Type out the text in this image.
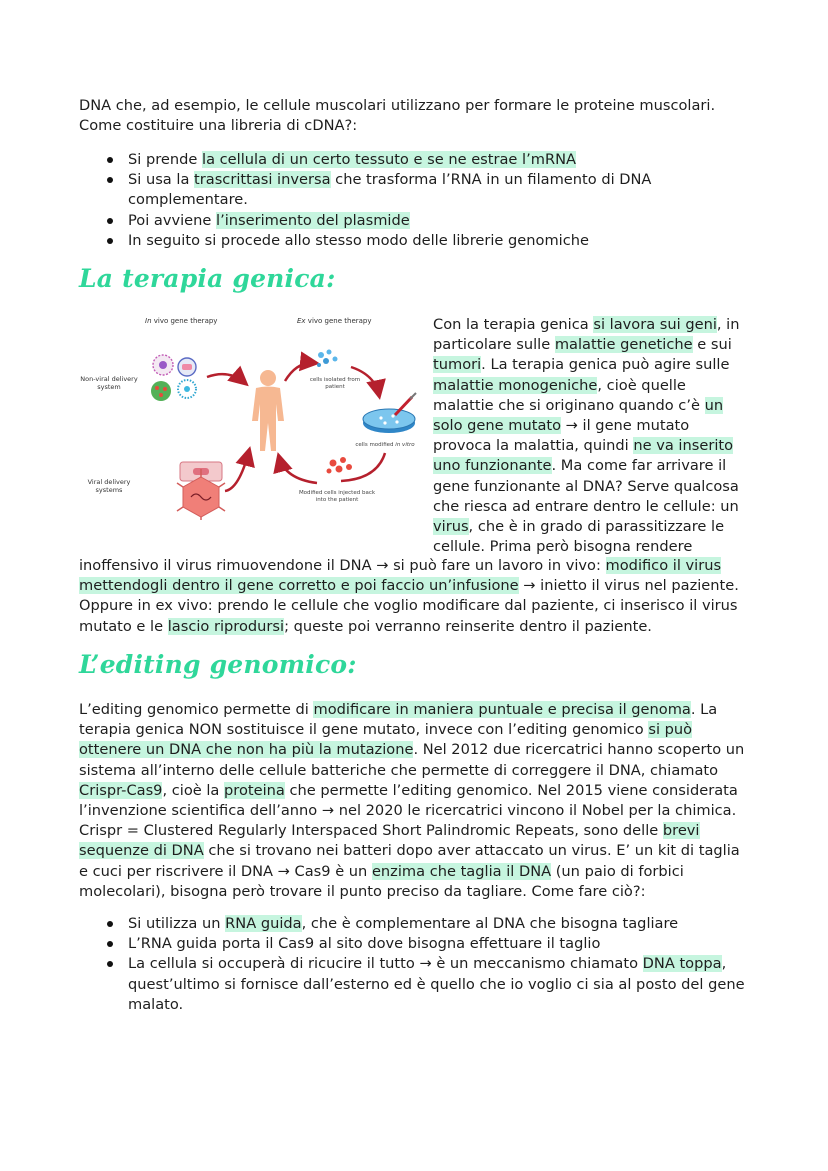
DNA che, ad esempio, le cellule muscolari utilizzano per formare le proteine muscolari.
Come costituire una libreria di cDNA?:

Si prende la cellula di un certo tessuto e se ne estrae l’mRNA
Si usa la trascrittasi inversa che trasforma l’RNA in un filamento di DNA complementare.
Poi avviene l’inserimento del plasmide
In seguito si procede allo stesso modo delle librerie genomiche
La terapia genica:
In vivo gene therapy	Ex vivo gene therapy
Non-viral delivery
system
cells isolated from
patient
cells modified in vitro
Modified cells injected back
into the patient
Viral delivery
systems

Con la terapia genica si lavora sui geni, in particolare sulle malattie genetiche e sui tumori. La terapia genica può agire sulle malattie monogeniche, cioè quelle malattie che si originano quando c’è un solo gene mutato → il gene mutato provoca la malattia, quindi ne va inserito uno funzionante. Ma come far arrivare il gene funzionante al DNA? Serve qualcosa che riesca ad entrare dentro le cellule: un virus, che è in grado di parassitizzare le cellule. Prima però bisogna rendere

inoffensivo il virus rimuovendone il DNA → si può fare un lavoro in vivo: modifico il virus mettendogli dentro il gene corretto e poi faccio un’infusione → inietto il virus nel paziente. Oppure in ex vivo: prendo le cellule che voglio modificare dal paziente, ci inserisco il virus mutato e le lascio riprodursi; queste poi verranno reinserite dentro il paziente.

L’editing genomico:

L’editing genomico permette di modificare in maniera puntuale e precisa il genoma. La terapia genica NON sostituisce il gene mutato, invece con l’editing genomico si può ottenere un DNA che non ha più la mutazione. Nel 2012 due ricercatrici hanno scoperto un sistema all’interno delle cellule batteriche che permette di correggere il DNA, chiamato Crispr-Cas9, cioè la proteina che permette l’editing genomico. Nel 2015 viene considerata l’invenzione scientifica dell’anno → nel 2020 le ricercatrici vincono il Nobel per la chimica. Crispr = Clustered Regularly Interspaced Short Palindromic Repeats, sono delle brevi sequenze di DNA che si trovano nei batteri dopo aver attaccato un virus. E’ un kit di taglia e cuci per riscrivere il DNA → Cas9 è un enzima che taglia il DNA (un paio di forbici molecolari), bisogna però trovare il punto preciso da tagliare. Come fare ciò?:

Si utilizza un RNA guida, che è complementare al DNA che bisogna tagliare
L’RNA guida porta il Cas9 al sito dove bisogna effettuare il taglio
La cellula si occuperà di ricucire il tutto → è un meccanismo chiamato DNA toppa, quest’ultimo si fornisce dall’esterno ed è quello che io voglio ci sia al posto del gene malato.
